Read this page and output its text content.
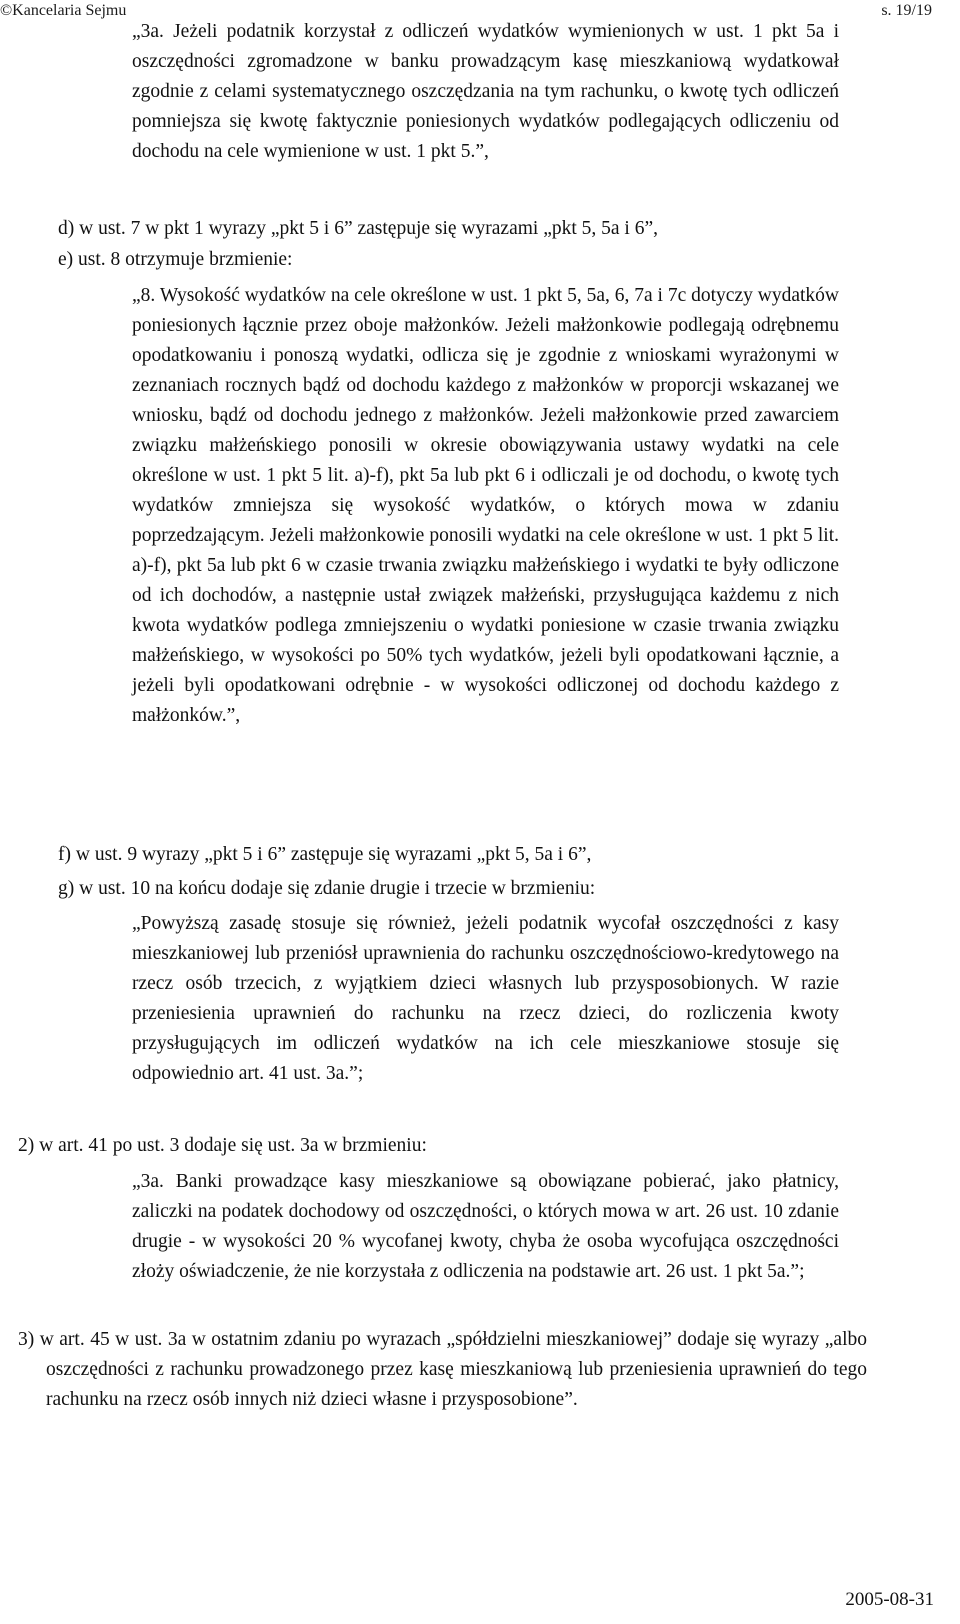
©Kancelaria Sejmu	s. 19/19

„3a. Jeżeli podatnik korzystał z odliczeń wydatków wymienionych w ust. 1 pkt 5a i oszczędności zgromadzone w banku prowadzącym kasę mieszkaniową wydatkował zgodnie z celami systematycznego oszczędzania na tym rachunku, o kwotę tych odliczeń pomniejsza się kwotę faktycznie poniesionych wydatków podlegających odliczeniu od dochodu na cele wymienione w ust. 1 pkt 5.”,

d) w ust. 7 w pkt 1 wyrazy „pkt 5 i 6” zastępuje się wyrazami „pkt 5, 5a i 6”,

e) ust. 8 otrzymuje brzmienie:

„8. Wysokość wydatków na cele określone w ust. 1 pkt 5, 5a, 6, 7a i 7c dotyczy wydatków poniesionych łącznie przez oboje małżonków. Jeżeli małżonkowie podlegają odrębnemu opodatkowaniu i ponoszą wydatki, odlicza się je zgodnie z wnioskami wyrażonymi w zeznaniach rocznych bądź od dochodu każdego z małżonków w proporcji wskazanej we wniosku, bądź od dochodu jednego z małżonków. Jeżeli małżonkowie przed zawarciem związku małżeńskiego ponosili w okresie obowiązywania ustawy wydatki na cele określone w ust. 1 pkt 5 lit. a)-f), pkt 5a lub pkt 6 i odliczali je od dochodu, o kwotę tych wydatków zmniejsza się wysokość wydatków, o których mowa w zdaniu poprzedzającym. Jeżeli małżonkowie ponosili wydatki na cele określone w ust. 1 pkt 5 lit. a)-f), pkt 5a lub pkt 6 w czasie trwania związku małżeńskiego i wydatki te były odliczone od ich dochodów, a następnie ustał związek małżeński, przysługująca każdemu z nich kwota wydatków podlega zmniejszeniu o wydatki poniesione w czasie trwania związku małżeńskiego, w wysokości po 50% tych wydatków, jeżeli byli opodatkowani łącznie, a jeżeli byli opodatkowani odrębnie - w wysokości odliczonej od dochodu każdego z małżonków.”,

f) w ust. 9 wyrazy „pkt 5 i 6” zastępuje się wyrazami „pkt 5, 5a i 6”,

g) w ust. 10 na końcu dodaje się zdanie drugie i trzecie w brzmieniu:

„Powyższą zasadę stosuje się również, jeżeli podatnik wycofał oszczędności z kasy mieszkaniowej lub przeniósł uprawnienia do rachunku oszczędnościowo-kredytowego na rzecz osób trzecich, z wyjątkiem dzieci własnych lub przysposobionych. W razie przeniesienia uprawnień do rachunku na rzecz dzieci, do rozliczenia kwoty przysługujących im odliczeń wydatków na ich cele mieszkaniowe stosuje się odpowiednio art. 41 ust. 3a.”;

2) w art. 41 po ust. 3 dodaje się ust. 3a w brzmieniu:

„3a. Banki prowadzące kasy mieszkaniowe są obowiązane pobierać, jako płatnicy, zaliczki na podatek dochodowy od oszczędności, o których mowa w art. 26 ust. 10 zdanie drugie - w wysokości 20 % wycofanej kwoty, chyba że osoba wycofująca oszczędności złoży oświadczenie, że nie korzystała z odliczenia na podstawie art. 26 ust. 1 pkt 5a.”;

3) w art. 45 w ust. 3a w ostatnim zdaniu po wyrazach „spółdzielni mieszkaniowej” dodaje się wyrazy „albo oszczędności z rachunku prowadzonego przez kasę mieszkaniową lub przeniesienia uprawnień do tego rachunku na rzecz osób innych niż dzieci własne i przysposobione”.

2005-08-31
